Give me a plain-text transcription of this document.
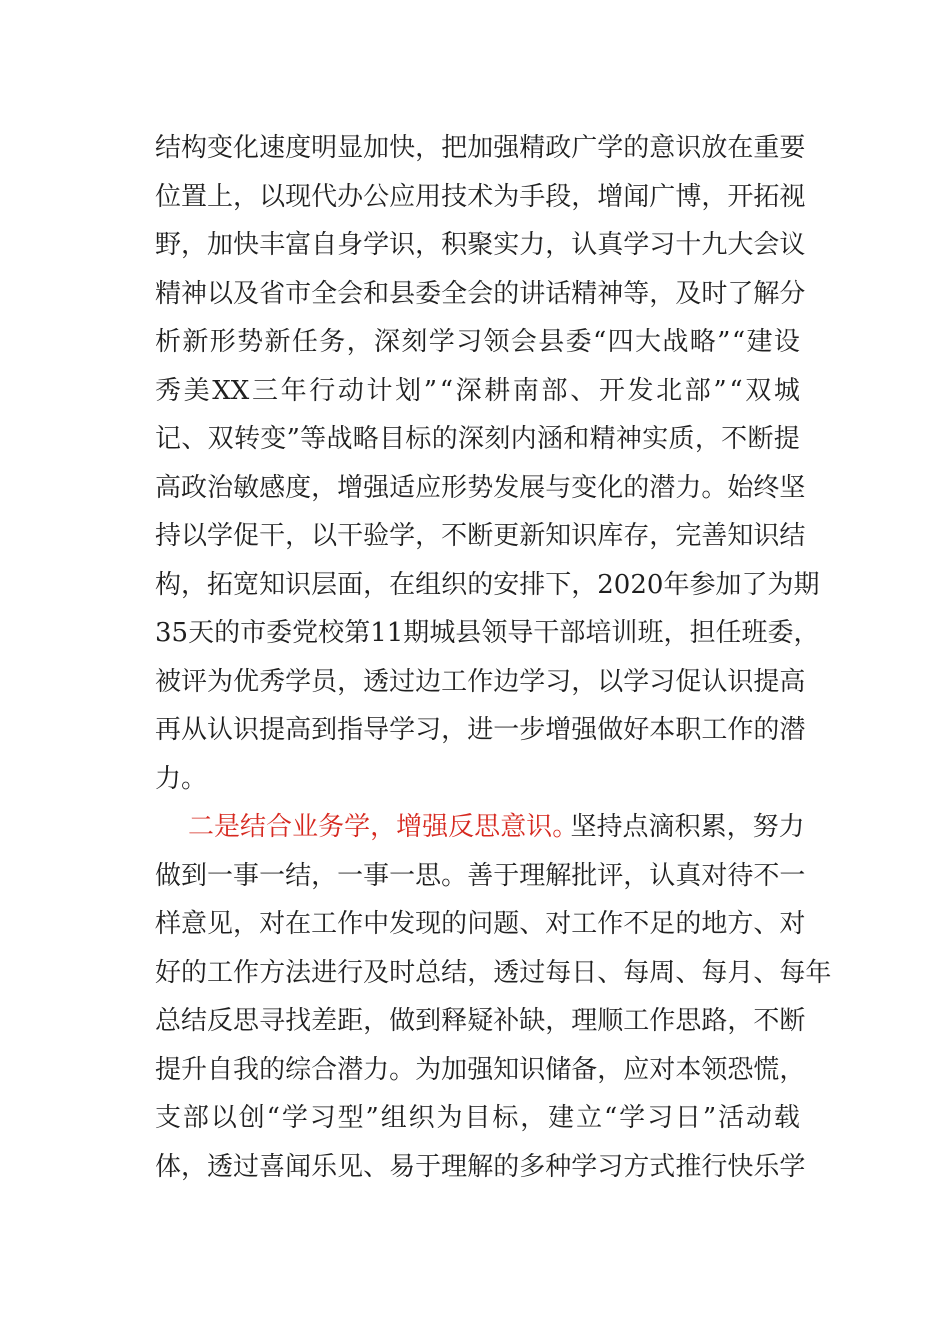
结 构 变 化 速 度 明 显 加 快 ， 把 加 强 精 政 广 学 的 意 识 放 在 重 要
位 置 上 ， 以 现 代 办 公 应 用 技 术 为 手 段 ， 增 闻 广 博 ， 开 拓 视
野 ， 加 快 丰 富 自 身 学 识 ， 积 聚 实 力 ， 认 真 学 习 十 九 大 会 议
精 神 以 及 省 市 全 会 和 县 委 全 会 的 讲 话 精 神 等 ， 及 时 了 解 分
析 新 形 势 新 任 务 ， 深 刻 学 习 领 会 县 委 “ 四 大 战 略 ” “ 建 设
秀 美 XX 三 年 行 动 计 划 ” “ 深 耕 南 部 、 开 发 北 部 ” “ 双 城
记 、 双 转 变 ” 等 战 略 目 标 的 深 刻 内 涵 和 精 神 实 质 ， 不 断 提
高 政 治 敏 感 度 ， 增 强 适 应 形 势 发 展 与 变 化 的 潜 力 。 始 终 坚
持 以 学 促 干 ， 以 干 验 学 ， 不 断 更 新 知 识 库 存 ， 完 善 知 识 结
构 ， 拓 宽 知 识 层 面 ， 在 组 织 的 安 排 下 ， 2020 年 参 加 了 为 期
35 天 的 市 委 党 校 第 11 期 城 县 领 导 干 部 培 训 班 ， 担 任 班 委 ，
被 评 为 优 秀 学 员 ， 透 过 边 工 作 边 学 习 ， 以 学 习 促 认 识 提 高
再 从 认 识 提 高 到 指 导 学 习 ， 进 一 步 增 强 做 好 本 职 工 作 的 潜
力。
二 是 结 合 业 务 学 ， 增 强 反 思 意 识 。
坚 持 点 滴 积 累 ， 努 力
做 到 一 事 一 结 ， 一 事 一 思 。 善 于 理 解 批 评 ， 认 真 对 待 不 一
样 意 见 ， 对 在 工 作 中 发 现 的 问 题 、 对 工 作 不 足 的 地 方 、 对
好 的 工 作 方 法 进 行 及 时 总 结 ， 透 过 每 日 、 每 周 、 每 月 、 每 年
总 结 反 思 寻 找 差 距 ， 做 到 释 疑 补 缺 ， 理 顺 工 作 思 路 ， 不 断
提 升 自 我 的 综 合 潜 力 。 为 加 强 知 识 储 备 ， 应 对 本 领 恐 慌 ，
支 部 以 创 “ 学 习 型 ” 组 织 为 目 标 ， 建 立 “ 学 习 日 ” 活 动 载
体 ， 透 过 喜 闻 乐 见 、 易 于 理 解 的 多 种 学 习 方 式 推 行 快 乐 学
